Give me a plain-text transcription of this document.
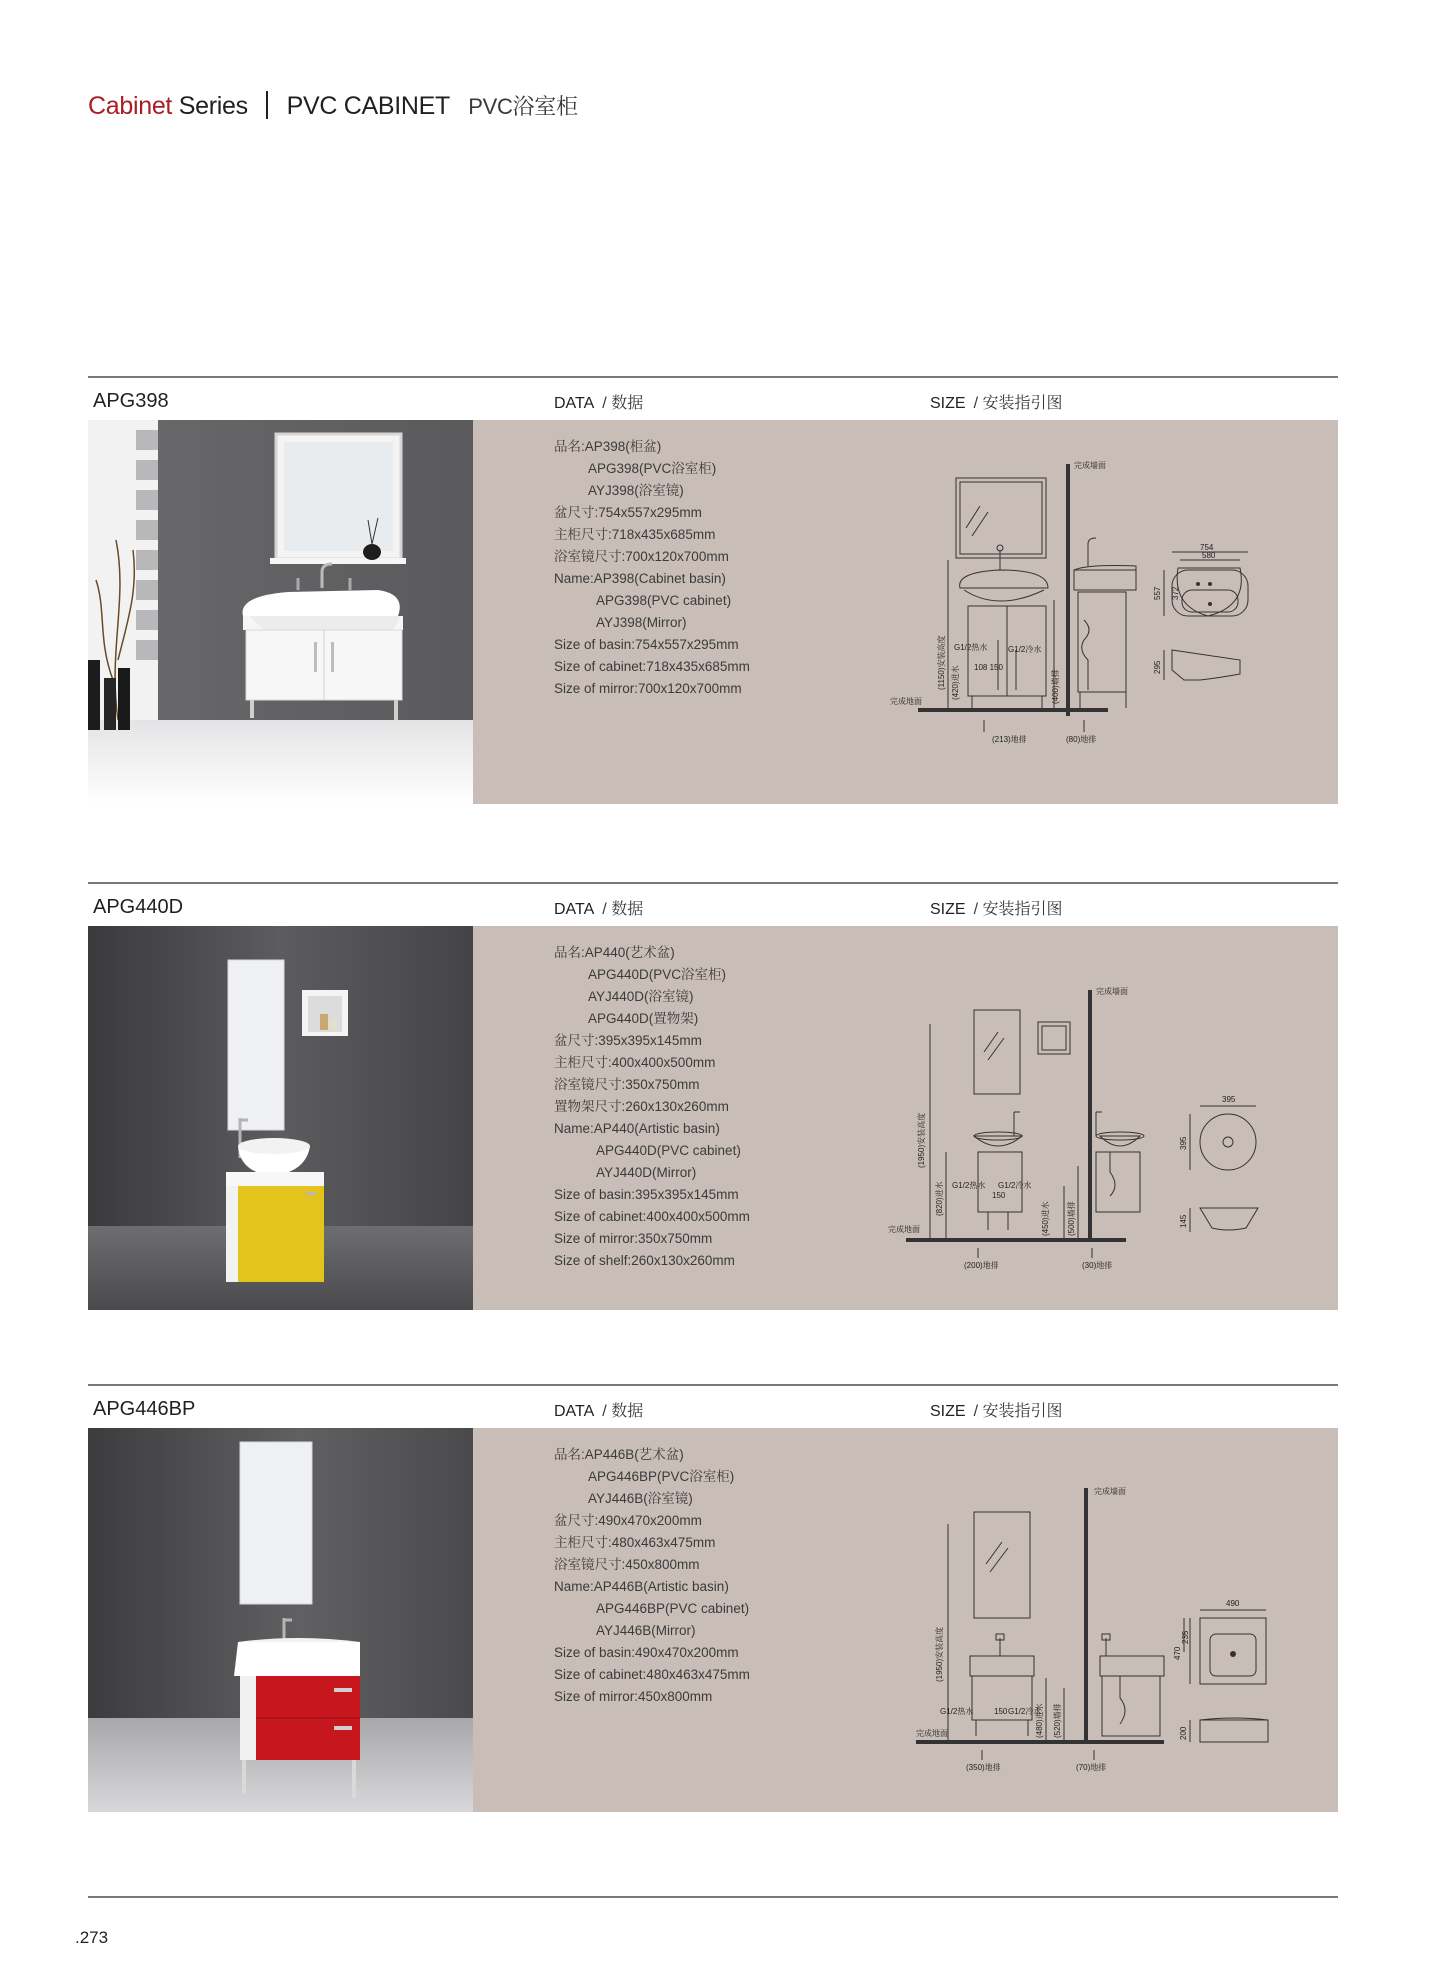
Cabinet Series PVC CABINET PVC浴室柜
APG398	DATA / 数据	SIZE / 安装指引图
品名:AP398(柜盆)
APG398(PVC浴室柜)
AYJ398(浴室镜)
盆尺寸:754x557x295mm
主柜尺寸:718x435x685mm
浴室镜尺寸:700x120x700mm
Name:AP398(Cabinet basin)
APG398(PVC cabinet)
AYJ398(Mirror)
Size of basin:754x557x295mm
Size of cabinet:718x435x685mm
Size of mirror:700x120x700mm
完成墙面
完成地面
(1150)安装高度 (420)进水	(400)墙排
G1/2热水	G1/2冷水
108 150
(213)地排	(80)地排
754
580
557 372
295
APG440D	DATA / 数据	SIZE / 安装指引图
品名:AP440(艺术盆)
APG440D(PVC浴室柜)
AYJ440D(浴室镜)
APG440D(置物架)
盆尺寸:395x395x145mm
主柜尺寸:400x400x500mm
浴室镜尺寸:350x750mm
置物架尺寸:260x130x260mm
Name:AP440(Artistic basin)
APG440D(PVC cabinet)
AYJ440D(Mirror)
Size of basin:395x395x145mm
Size of cabinet:400x400x500mm
Size of mirror:350x750mm
Size of shelf:260x130x260mm
完成墙面
完成地面
(1950)安装高度
(820)进水
(500)墙排
(450)进水
G1/2热水 G1/2冷水
150
(200)地排	(30)地排
395
395
145
APG446BP	DATA / 数据	SIZE / 安装指引图
品名:AP446B(艺术盆)
APG446BP(PVC浴室柜)
AYJ446B(浴室镜)
盆尺寸:490x470x200mm
主柜尺寸:480x463x475mm
浴室镜尺寸:450x800mm
Name:AP446B(Artistic basin)
APG446BP(PVC cabinet)
AYJ446B(Mirror)
Size of basin:490x470x200mm
Size of cabinet:480x463x475mm
Size of mirror:450x800mm
完成墙面
完成地面
(1950)安装高度
(480)进水 (520)墙排
G1/2热水	G1/2冷水
150
(350)地排	(70)地排
490
470
235
200
.273
